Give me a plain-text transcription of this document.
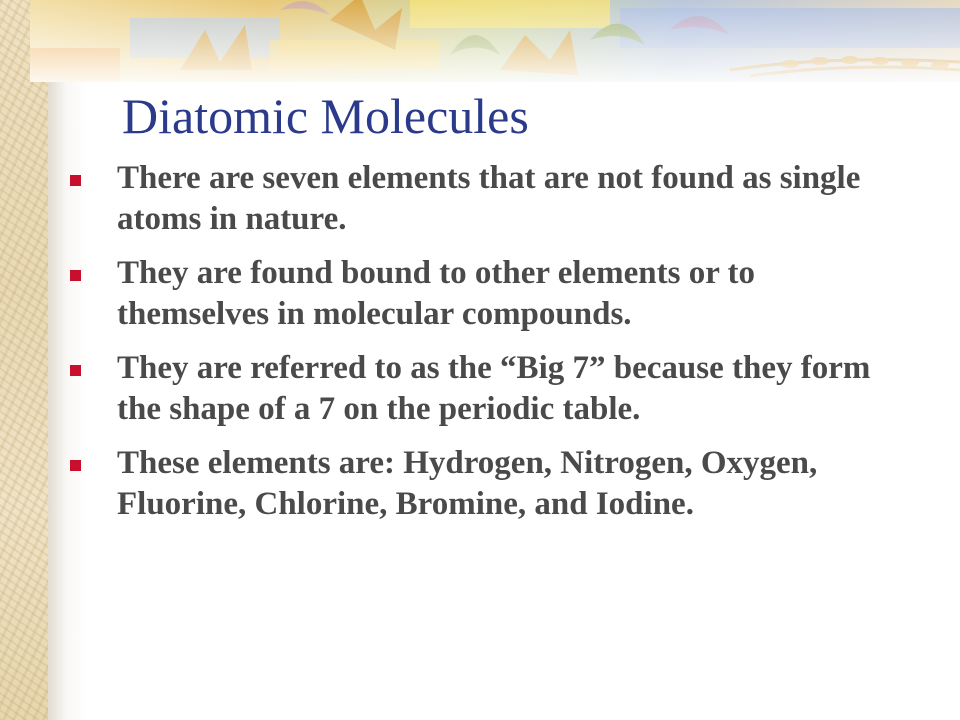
Diatomic Molecules
There are seven elements that are not found as single atoms in nature.
They are found bound to other elements or to themselves in molecular compounds.
They are referred to as the “Big 7” because they form the shape of a 7 on the periodic table.
These elements are: Hydrogen, Nitrogen, Oxygen, Fluorine, Chlorine, Bromine, and Iodine.
